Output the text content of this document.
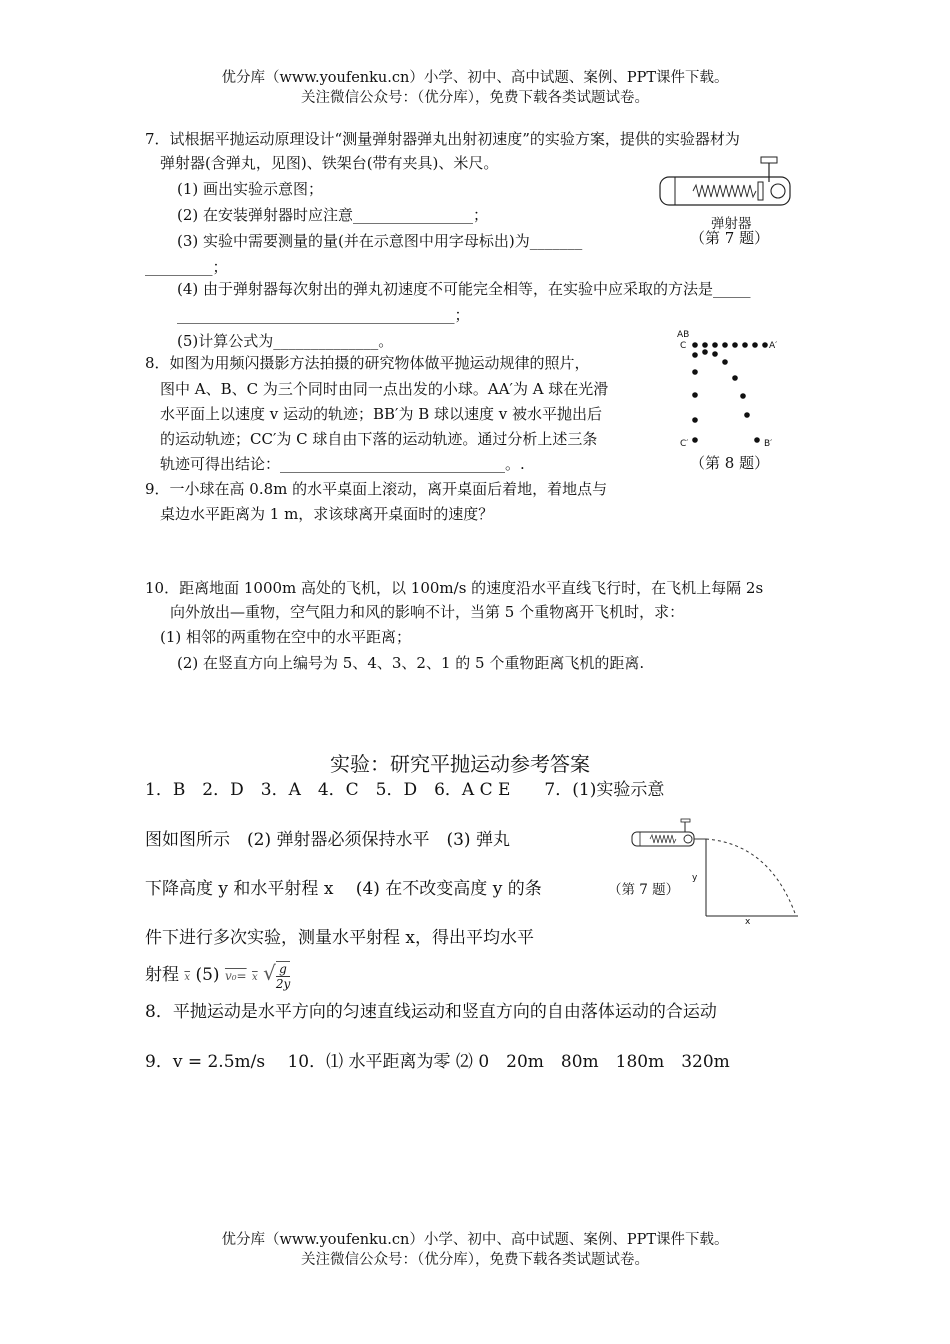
优分库（www.youfenku.cn）小学、初中、高中试题、案例、PPT课件下载。
关注微信公众号：（优分库），免费下载各类试题试卷。
7．试根据平抛运动原理设计“测量弹射器弹丸出射初速度”的实验方案，提供的实验器材为
弹射器(含弹丸，见图)、铁架台(带有夹具)、米尺。
(1) 画出实验示意图；
(2) 在安装弹射器时应注意________________；
(3) 实验中需要测量的量(并在示意图中用字母标出)为_______
_________；
(4) 由于弹射器每次射出的弹丸初速度不可能完全相等，在实验中应采取的方法是_____
_____________________________________；
(5)计算公式为______________。
弹射器
（第 7 题）
8．如图为用频闪摄影方法拍摄的研究物体做平抛运动规律的照片，
图中 A、B、C 为三个同时由同一点出发的小球。AA′为 A 球在光滑
水平面上以速度 v 运动的轨迹；BB′为 B 球以速度 v 被水平抛出后
的运动轨迹；CC′为 C 球自由下落的运动轨迹。通过分析上述三条
轨迹可得出结论：______________________________。.
AB
C	A′
C′	B′
（第 8 题）
9．一小球在高 0.8m 的水平桌面上滚动，离开桌面后着地，着地点与
桌边水平距离为 1 m，求该球离开桌面时的速度？
10．距离地面 1000m 高处的飞机，以 100m/s 的速度沿水平直线飞行时，在飞机上每隔 2s
向外放出—重物，空气阻力和风的影响不计，当第 5 个重物离开飞机时，求：
(1) 相邻的两重物在空中的水平距离；
(2) 在竖直方向上编号为 5、4、3、2、1 的 5 个重物距离飞机的距离.
实验：研究平抛运动参考答案
1．B　2．D　3．A　4．C　5．D　6．A C E　　7．(1)实验示意
图如图所示　(2) 弹射器必须保持水平　(3) 弹丸
下降高度 y 和水平射程 x　 (4) 在不改变高度 y 的条
件下进行多次实验，测量水平射程 x，得出平均水平
射程 $\overline{x}$ (5) $v_0= \overline{x}$ √ $\frac{g}{2y}$
8．平抛运动是水平方向的匀速直线运动和竖直方向的自由落体运动的合运动
9．v = 2.5m/s　 10．⑴ 水平距离为零 ⑵ 0　20m　80m　180m　320m
y
x
（第 7 题）
优分库（www.youfenku.cn）小学、初中、高中试题、案例、PPT课件下载。
关注微信公众号：（优分库），免费下载各类试题试卷。
